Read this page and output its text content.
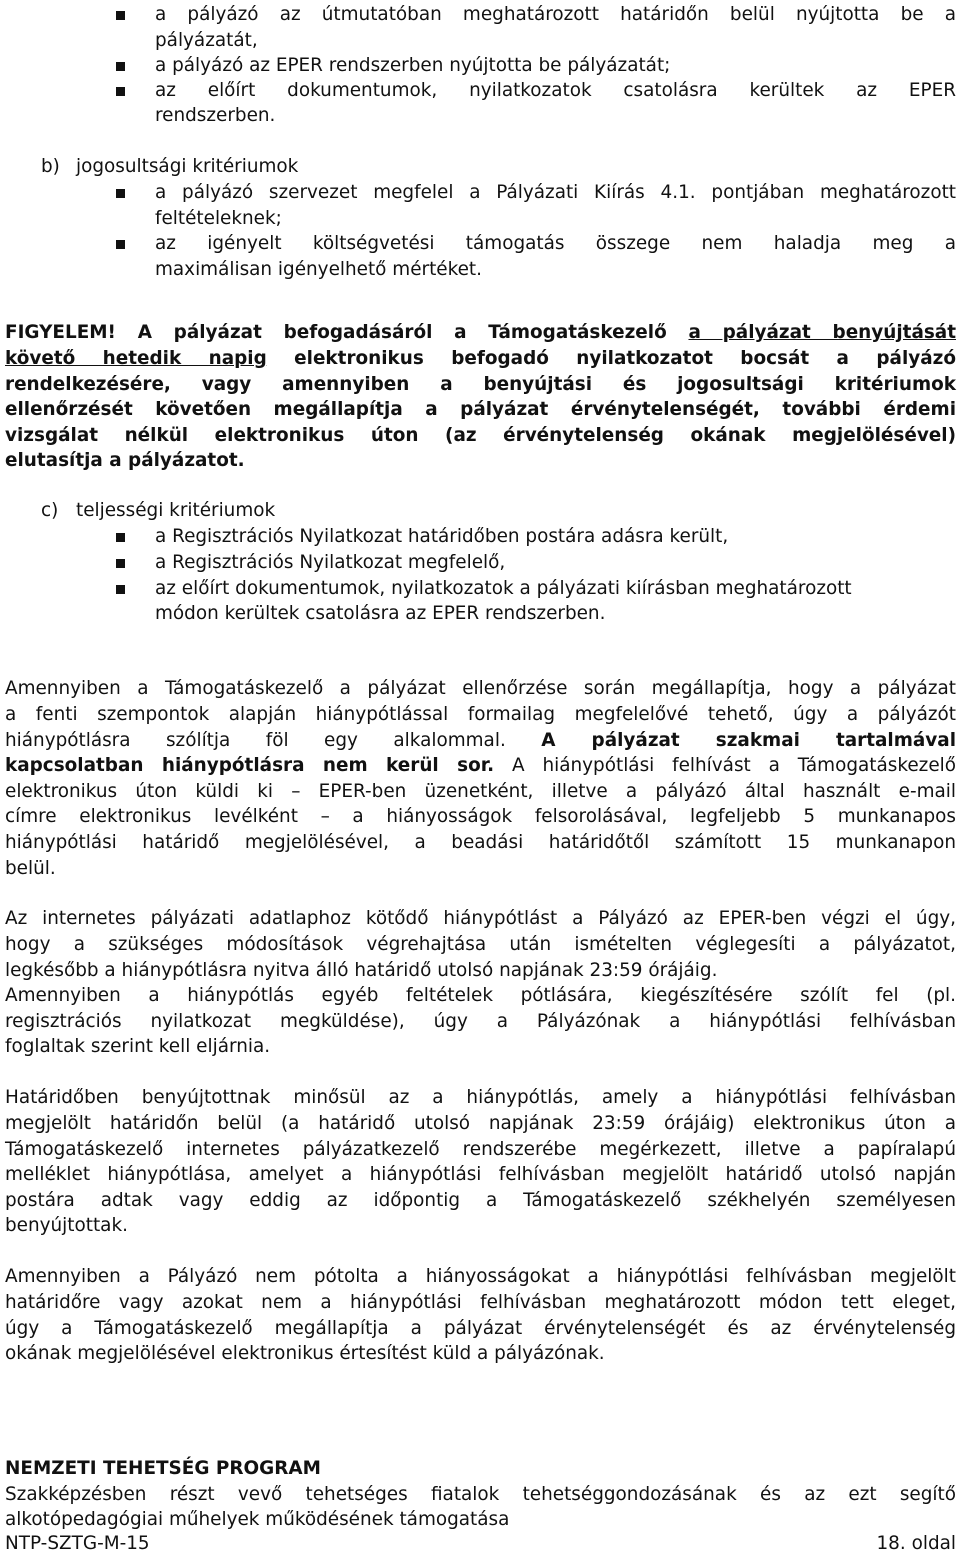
a pályázó az útmutatóban meghatározott határidőn belül nyújtotta be a
pályázatát,
a pályázó az EPER rendszerben nyújtotta be pályázatát;
az előírt dokumentumok, nyilatkozatok csatolásra kerültek az EPER
rendszerben.
b) jogosultsági kritériumok
a pályázó szervezet megfelel a Pályázati Kiírás 4.1. pontjában meghatározott
feltételeknek;
az igényelt költségvetési támogatás összege nem haladja meg a
maximálisan igényelhető mértéket.
FIGYELEM! A pályázat befogadásáról a Támogatáskezelő a pályázat benyújtását
követő hetedik napig elektronikus befogadó nyilatkozatot bocsát a pályázó
rendelkezésére, vagy amennyiben a benyújtási és jogosultsági kritériumok
ellenőrzését követően megállapítja a pályázat érvénytelenségét, további érdemi
vizsgálat nélkül elektronikus úton (az érvénytelenség okának megjelölésével)
elutasítja a pályázatot.
c) teljességi kritériumok
a Regisztrációs Nyilatkozat határidőben postára adásra került,
a Regisztrációs Nyilatkozat megfelelő,
az előírt dokumentumok, nyilatkozatok a pályázati kiírásban meghatározott
módon kerültek csatolásra az EPER rendszerben.
Amennyiben a Támogatáskezelő a pályázat ellenőrzése során megállapítja, hogy a pályázat
a fenti szempontok alapján hiánypótlással formailag megfelelővé tehető, úgy a pályázót
hiánypótlásra szólítja föl egy alkalommal. A pályázat szakmai tartalmával
kapcsolatban hiánypótlásra nem kerül sor. A hiánypótlási felhívást a Támogatáskezelő
elektronikus úton küldi ki – EPER-ben üzenetként, illetve a pályázó által használt e-mail
címre elektronikus levélként – a hiányosságok felsorolásával, legfeljebb 5 munkanapos
hiánypótlási határidő megjelölésével, a beadási határidőtől számított 15 munkanapon
belül.
Az internetes pályázati adatlaphoz kötődő hiánypótlást a Pályázó az EPER-ben végzi el úgy,
hogy a szükséges módosítások végrehajtása után ismételten véglegesíti a pályázatot,
legkésőbb a hiánypótlásra nyitva álló határidő utolsó napjának 23:59 órájáig.
Amennyiben a hiánypótlás egyéb feltételek pótlására, kiegészítésére szólít fel (pl.
regisztrációs nyilatkozat megküldése), úgy a Pályázónak a hiánypótlási felhívásban
foglaltak szerint kell eljárnia.
Határidőben benyújtottnak minősül az a hiánypótlás, amely a hiánypótlási felhívásban
megjelölt határidőn belül (a határidő utolsó napjának 23:59 órájáig) elektronikus úton a
Támogatáskezelő internetes pályázatkezelő rendszerébe megérkezett, illetve a papíralapú
melléklet hiánypótlása, amelyet a hiánypótlási felhívásban megjelölt határidő utolsó napján
postára adtak vagy eddig az időpontig a Támogatáskezelő székhelyén személyesen
benyújtottak.
Amennyiben a Pályázó nem pótolta a hiányosságokat a hiánypótlási felhívásban megjelölt
határidőre vagy azokat nem a hiánypótlási felhívásban meghatározott módon tett eleget,
úgy a Támogatáskezelő megállapítja a pályázat érvénytelenségét és az érvénytelenség
okának megjelölésével elektronikus értesítést küld a pályázónak.
NEMZETI TEHETSÉG PROGRAM
Szakképzésben részt vevő tehetséges fiatalok tehetséggondozásának és az ezt segítő
alkotópedagógiai műhelyek működésének támogatása
NTP-SZTG-M-15	18. oldal
